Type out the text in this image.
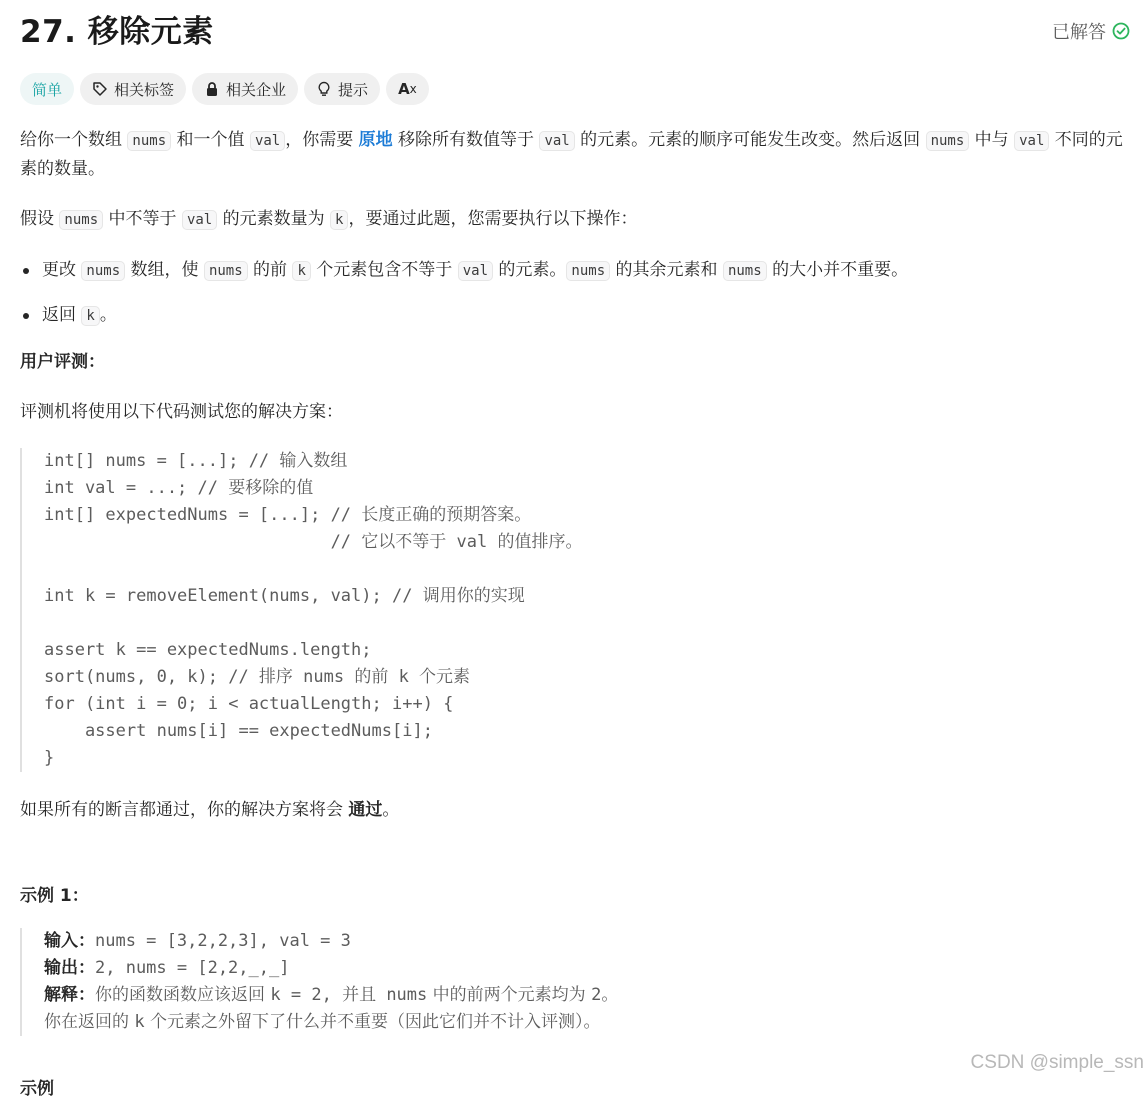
27. 移除元素	已解答
简单	相关标签	相关企业	提示 A x
给你一个数组 nums 和一个值 val ，你需要 原地 移除所有数值等于 val 的元素。元素的顺序可能发生改变。然后返回 nums 中与 val 不同的元素的数量。
假设 nums 中不等于 val 的元素数量为 k ，要通过此题，您需要执行以下操作：
更改 nums 数组，使 nums 的前 k 个元素包含不等于 val 的元素。 nums 的其余元素和 nums 的大小并不重要。
返回 k 。
用户评测：
评测机将使用以下代码测试您的解决方案：
int[] nums = [...]; // 输入数组
int val = ...; // 要移除的值
int[] expectedNums = [...]; // 长度正确的预期答案。
// 它以不等于 val 的值排序。
int k = removeElement(nums, val); // 调用你的实现
assert k == expectedNums.length;
sort(nums, 0, k); // 排序 nums 的前 k 个元素
for (int i = 0; i < actualLength; i++) {
assert nums[i] == expectedNums[i];
}
如果所有的断言都通过，你的解决方案将会 通过。
示例 1：
输入：nums = [3,2,2,3], val = 3
输出：2, nums = [2,2,_,_]
解释：你的函数函数应该返回 k = 2, 并且 nums 中的前两个元素均为 2。
你在返回的 k 个元素之外留下了什么并不重要（因此它们并不计入评测）。
示例
CSDN @simple_ssn
